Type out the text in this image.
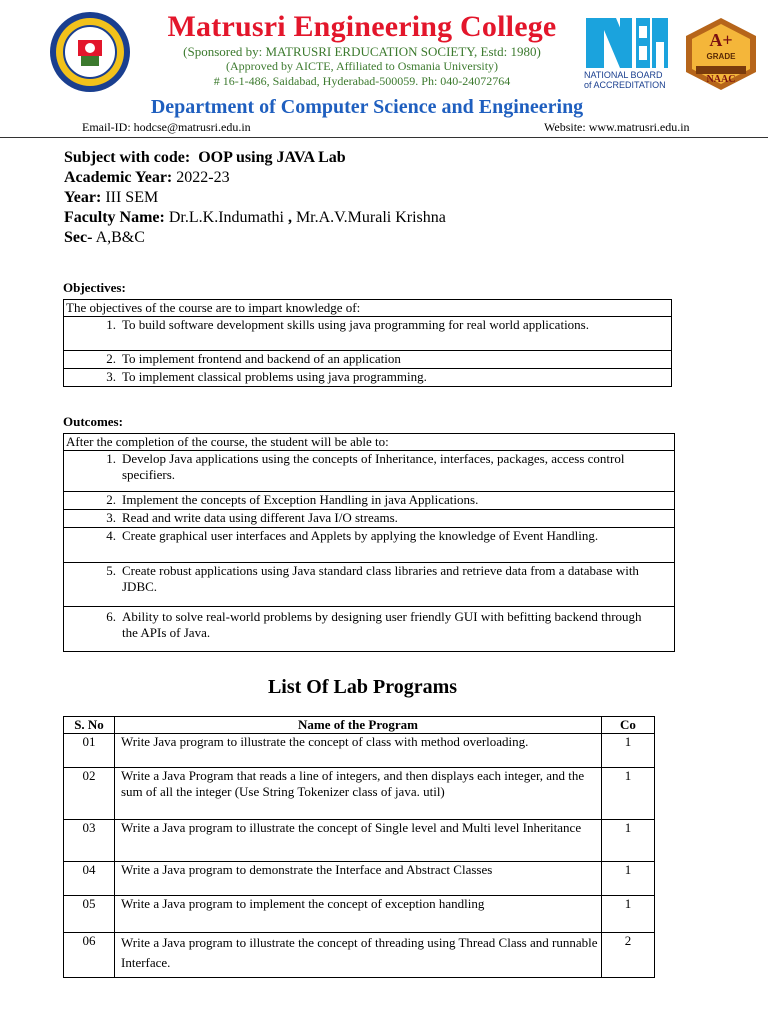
Matrusri Engineering College
(Sponsored by: MATRUSRI ERDUCATION SOCIETY, Estd: 1980)
(Approved by AICTE, Affiliated to Osmania University)
# 16-1-486, Saidabad, Hyderabad-500059. Ph: 040-24072764	NATIONAL BOARD of ACCREDITATION
A+
GRADE
NAAC
Department of Computer Science and Engineering
Email-ID: hodcse@matrusri.edu.in	Website: www.matrusri.edu.in
Subject with code: OOP using JAVA Lab
Academic Year: 2022-23
Year: III SEM
Faculty Name: Dr.L.K.Indumathi , Mr.A.V.Murali Krishna
Sec- A,B&C
Objectives:
The objectives of the course are to impart knowledge of:
1. To build software development skills using java programming for real world applications.
2. To implement frontend and backend of an application
3. To implement classical problems using java programming.
Outcomes:
After the completion of the course, the student will be able to:
1. Develop Java applications using the concepts of Inheritance, interfaces, packages, access control specifiers.
2. Implement the concepts of Exception Handling in java Applications.
3. Read and write data using different Java I/O streams.
4. Create graphical user interfaces and Applets by applying the knowledge of Event Handling.
5. Create robust applications using Java standard class libraries and retrieve data from a database with JDBC.
6. Ability to solve real-world problems by designing user friendly GUI with befitting backend through the APIs of Java.
List Of Lab Programs
S. No	Name of the Program	Co
01	Write Java program to illustrate the concept of class with method overloading.	1
02	Write a Java Program that reads a line of integers, and then displays each integer, and the sum of all the integer (Use String Tokenizer class of java. util)	1
03	Write a Java program to illustrate the concept of Single level and Multi level Inheritance	1
04	Write a Java program to demonstrate the Interface and Abstract Classes	1
05	Write a Java program to implement the concept of exception handling	1
06	Write a Java program to illustrate the concept of threading using Thread Class and runnable Interface.	2
